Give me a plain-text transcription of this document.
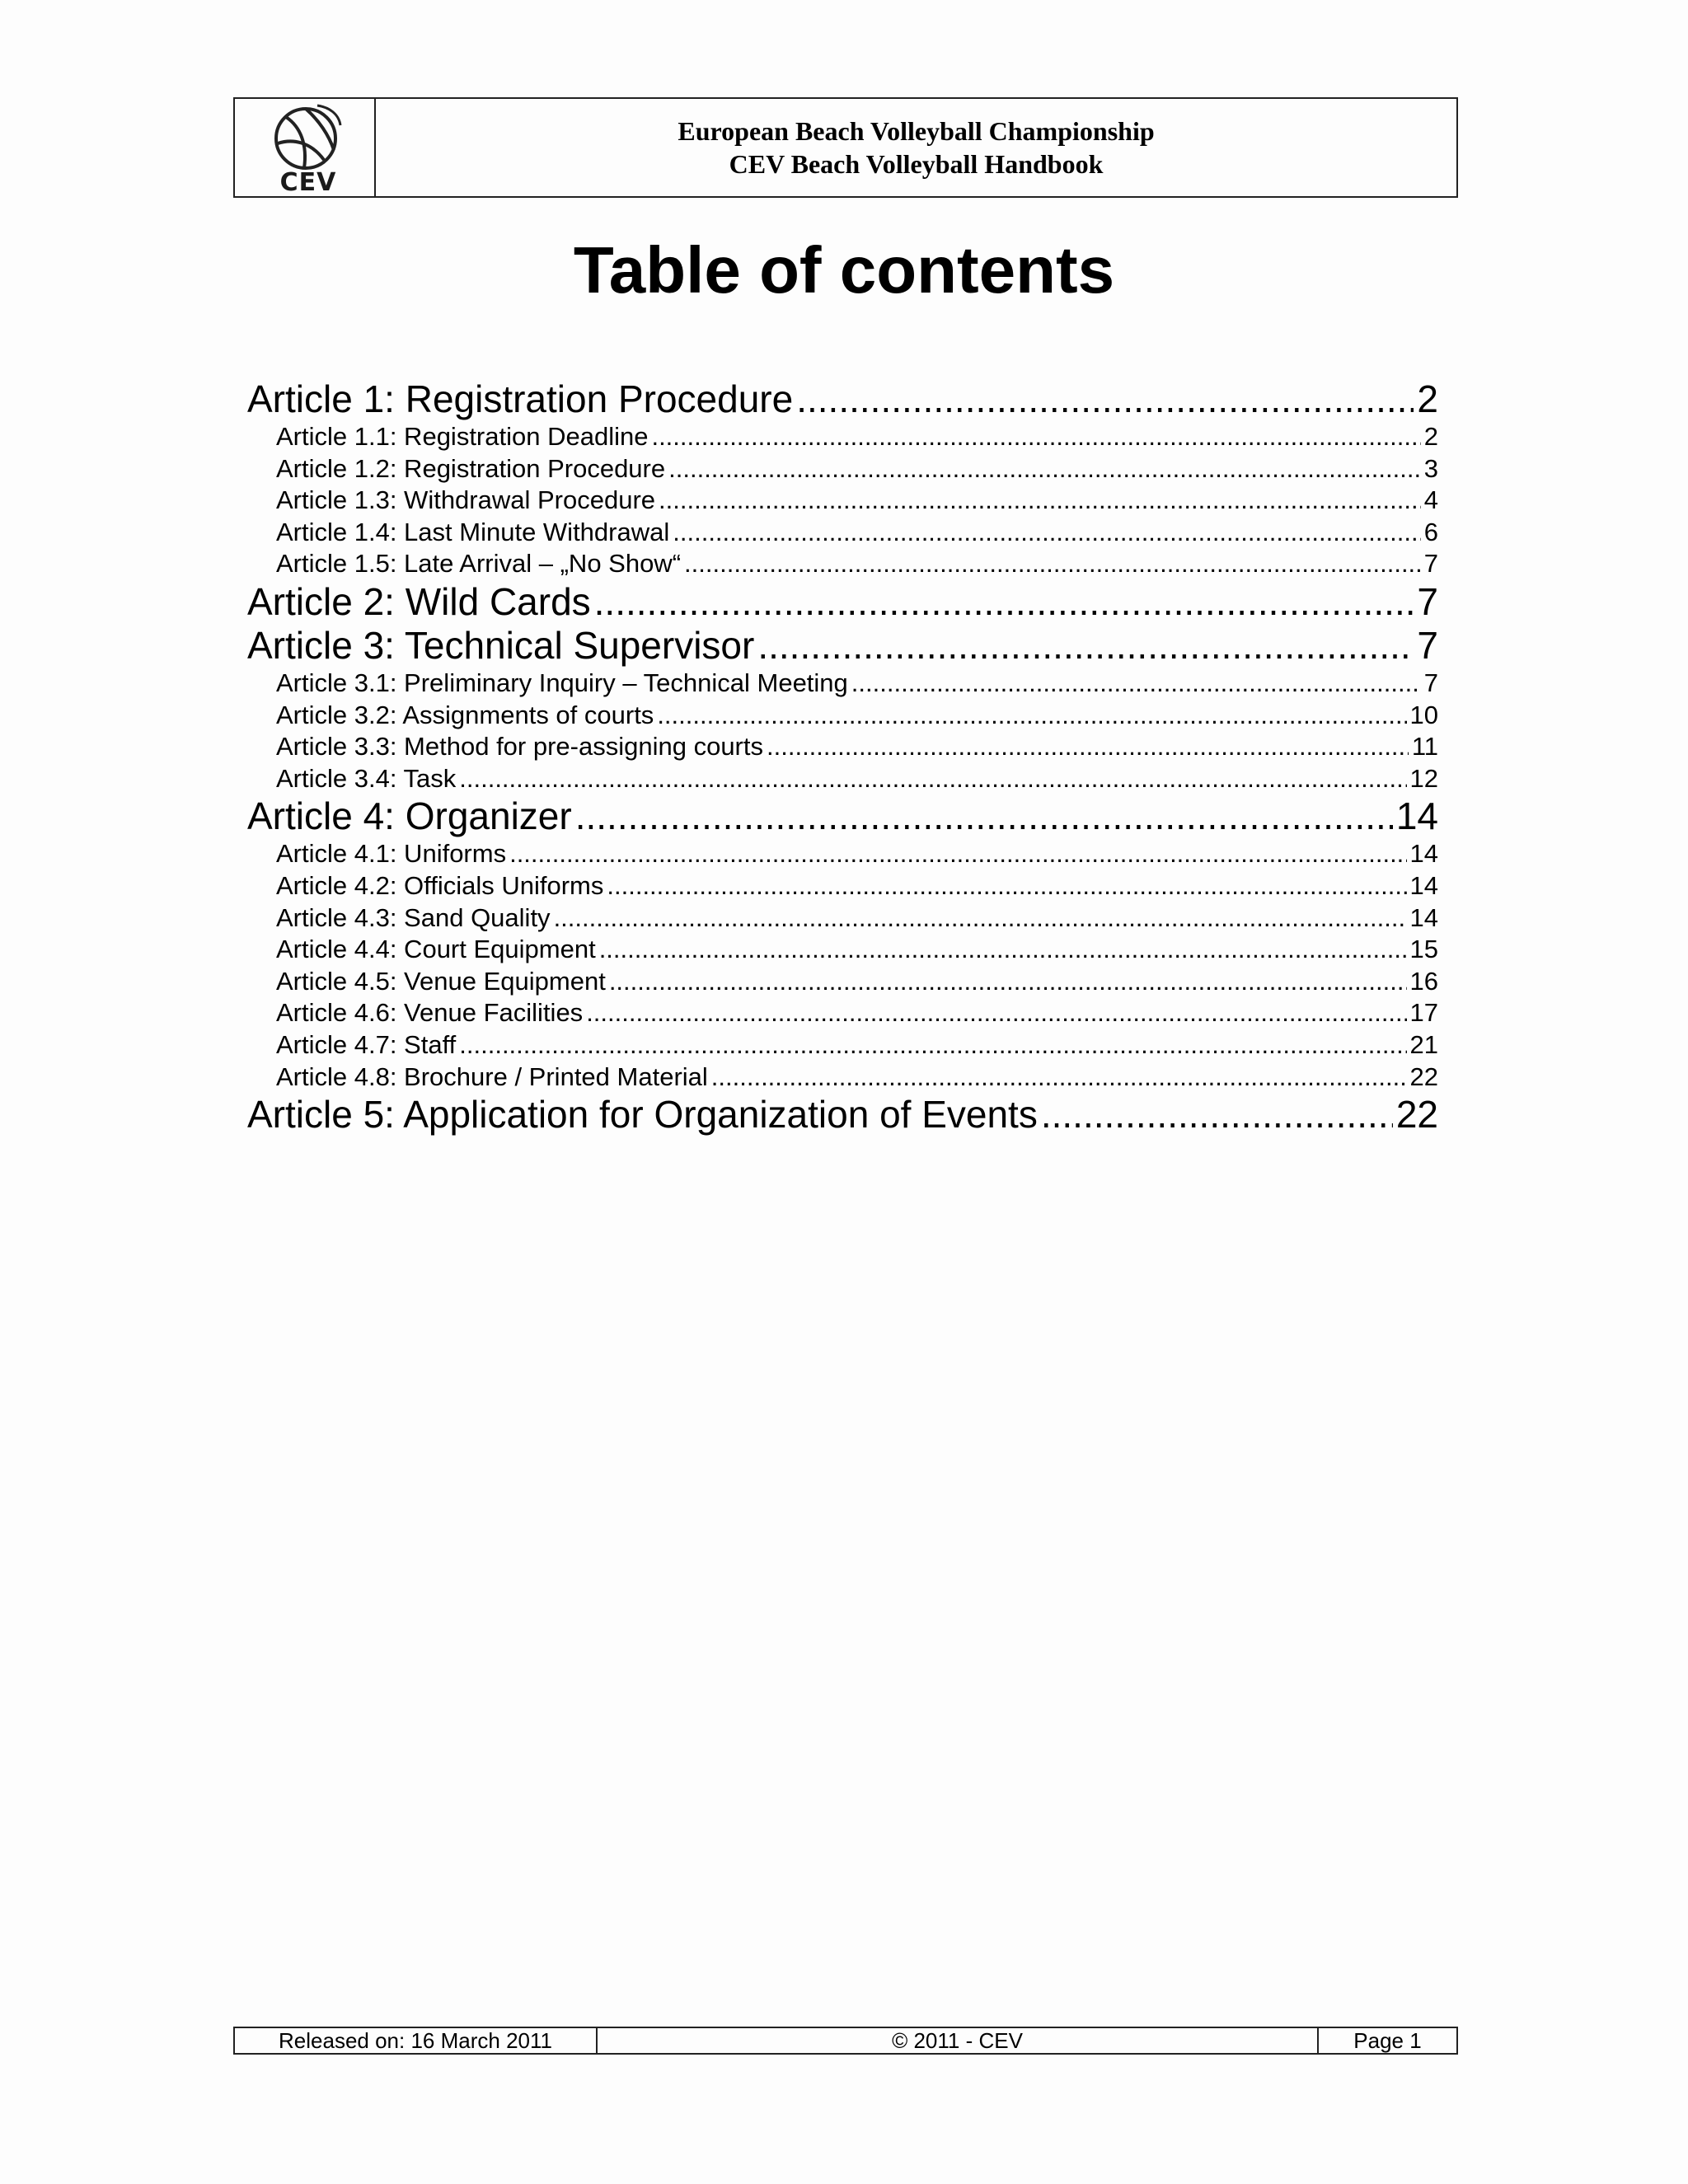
CEV
European Beach Volleyball Championship
CEV Beach Volleyball Handbook
Table of contents
Article 1: Registration Procedure .....	2
Article 1.1: Registration Deadline .....	2
Article 1.2: Registration Procedure .....	3
Article 1.3: Withdrawal Procedure .....	4
Article 1.4: Last Minute Withdrawal .....	6
Article 1.5: Late Arrival – „No Show“ .....	7
Article 2: Wild Cards .....	7
Article 3: Technical Supervisor .....	7
Article 3.1: Preliminary Inquiry – Technical Meeting .....	7
Article 3.2: Assignments of courts .....	10
Article 3.3: Method for pre-assigning courts .....	11
Article 3.4: Task .....	12
Article 4: Organizer .....	14
Article 4.1: Uniforms .....	14
Article 4.2: Officials Uniforms .....	14
Article 4.3: Sand Quality .....	14
Article 4.4: Court Equipment .....	15
Article 4.5: Venue Equipment .....	16
Article 4.6: Venue Facilities .....	17
Article 4.7: Staff .....	21
Article 4.8: Brochure / Printed Material .....	22
Article 5: Application for Organization of Events .....	22
Released on: 16 March 2011	© 2011 - CEV	Page 1
